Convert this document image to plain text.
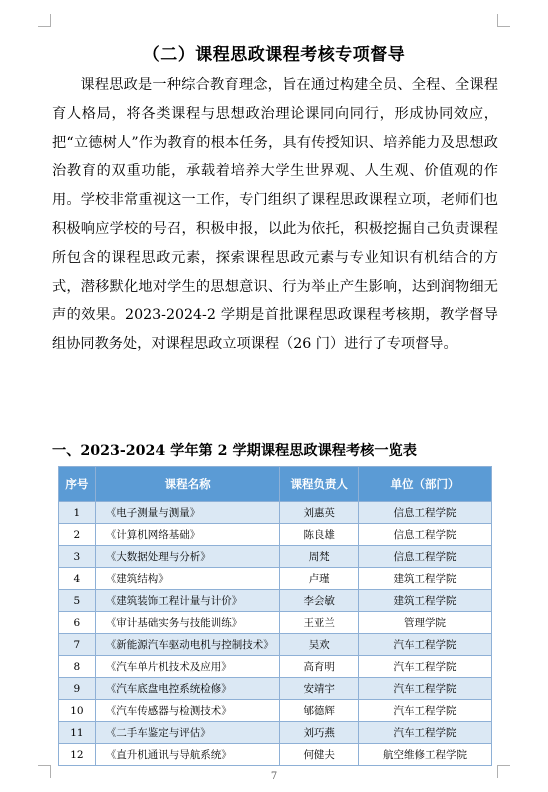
（二）课程思政课程考核专项督导
课程思政是一种综合教育理念，旨在通过构建全员、全程、全课程育人格局，将各类课程与思想政治理论课同向同行，形成协同效应，把“立德树人”作为教育的根本任务，具有传授知识、培养能力及思想政治教育的双重功能，承载着培养大学生世界观、人生观、价值观的作用。学校非常重视这一工作，专门组织了课程思政课程立项，老师们也积极响应学校的号召，积极申报，以此为依托，积极挖掘自己负责课程所包含的课程思政元素，探索课程思政元素与专业知识有机结合的方式，潜移默化地对学生的思想意识、行为举止产生影响，达到润物细无声的效果。2023-2024-2 学期是首批课程思政课程考核期，教学督导组协同教务处，对课程思政立项课程（26 门）进行了专项督导。
一、2023-2024 学年第 2 学期课程思政课程考核一览表
序号	课程名称	课程负责人	单位（部门）
1	《电子测量与测量》	刘惠英	信息工程学院
2	《计算机网络基础》	陈良雄	信息工程学院
3	《大数据处理与分析》	周梵	信息工程学院
4	《建筑结构》	卢瑾	建筑工程学院
5	《建筑装饰工程计量与计价》	李会敏	建筑工程学院
6	《审计基础实务与技能训练》	王亚兰	管理学院
7	《新能源汽车驱动电机与控制技术》	吴欢	汽车工程学院
8	《汽车单片机技术及应用》	高育明	汽车工程学院
9	《汽车底盘电控系统检修》	安靖宇	汽车工程学院
10	《汽车传感器与检测技术》	郇德辉	汽车工程学院
11	《二手车鉴定与评估》	刘巧燕	汽车工程学院
12	《直升机通讯与导航系统》	何健夫	航空维修工程学院
7
